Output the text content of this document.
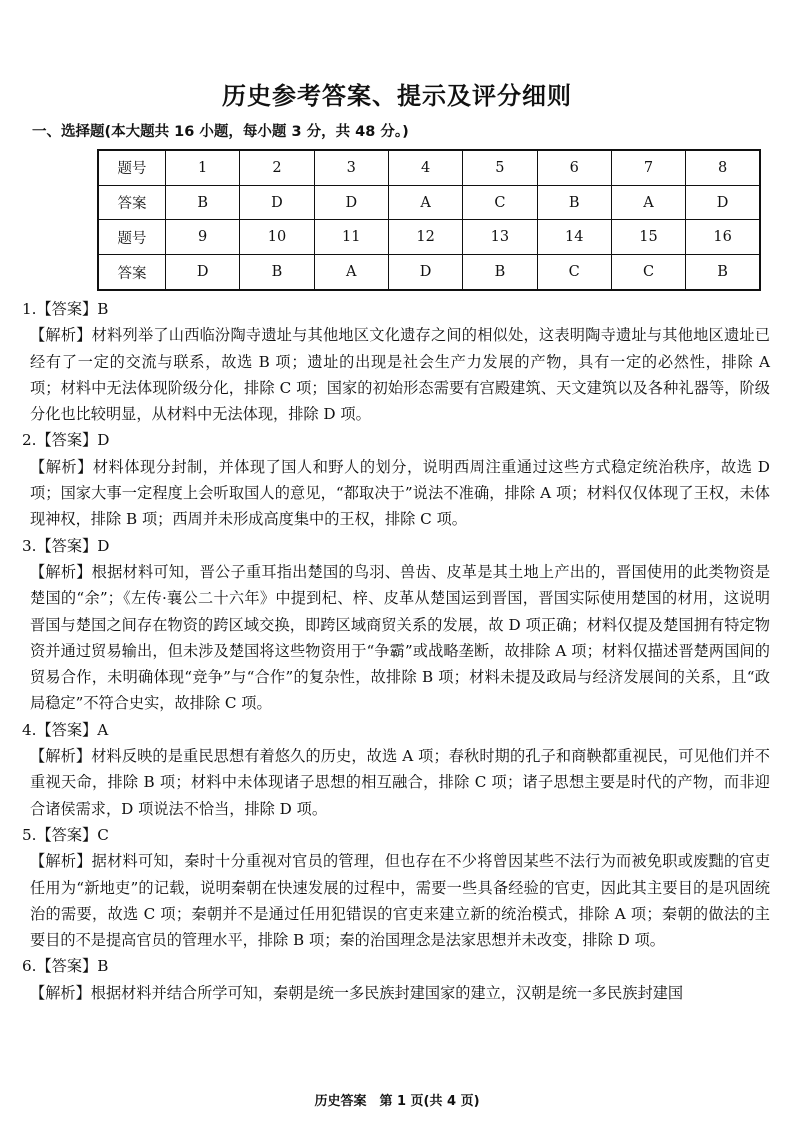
历史参考答案、提示及评分细则
一、选择题(本大题共 16 小题，每小题 3 分，共 48 分。)
题号	1	2	3	4	5	6	7	8
答案	B	D	D	A	C	B	A	D
题号	9	10	11	12	13	14	15	16
答案	D	B	A	D	B	C	C	B

1.【答案】B

【解析】材料列举了山西临汾陶寺遗址与其他地区文化遗存之间的相似处，这表明陶寺遗址与其他地区遗址已经有了一定的交流与联系，故选 B 项；遗址的出现是社会生产力发展的产物，具有一定的必然性，排除 A 项；材料中无法体现阶级分化，排除 C 项；国家的初始形态需要有宫殿建筑、天文建筑以及各种礼器等，阶级分化也比较明显，从材料中无法体现，排除 D 项。

2.【答案】D

【解析】材料体现分封制，并体现了国人和野人的划分，说明西周注重通过这些方式稳定统治秩序，故选 D 项；国家大事一定程度上会听取国人的意见，“都取决于”说法不准确，排除 A 项；材料仅仅体现了王权，未体现神权，排除 B 项；西周并未形成高度集中的王权，排除 C 项。

3.【答案】D

【解析】根据材料可知，晋公子重耳指出楚国的鸟羽、兽齿、皮革是其土地上产出的，晋国使用的此类物资是楚国的“余”；《左传·襄公二十六年》中提到杞、梓、皮革从楚国运到晋国，晋国实际使用楚国的材用，这说明晋国与楚国之间存在物资的跨区域交换，即跨区域商贸关系的发展，故 D 项正确；材料仅提及楚国拥有特定物资并通过贸易输出，但未涉及楚国将这些物资用于“争霸”或战略垄断，故排除 A 项；材料仅描述晋楚两国间的贸易合作，未明确体现“竞争”与“合作”的复杂性，故排除 B 项；材料未提及政局与经济发展间的关系，且“政局稳定”不符合史实，故排除 C 项。

4.【答案】A

【解析】材料反映的是重民思想有着悠久的历史，故选 A 项；春秋时期的孔子和商鞅都重视民，可见他们并不重视天命，排除 B 项；材料中未体现诸子思想的相互融合，排除 C 项；诸子思想主要是时代的产物，而非迎合诸侯需求，D 项说法不恰当，排除 D 项。

5.【答案】C

【解析】据材料可知，秦时十分重视对官员的管理，但也存在不少将曾因某些不法行为而被免职或废黜的官吏任用为“新地吏”的记载，说明秦朝在快速发展的过程中，需要一些具备经验的官吏，因此其主要目的是巩固统治的需要，故选 C 项；秦朝并不是通过任用犯错误的官吏来建立新的统治模式，排除 A 项；秦朝的做法的主要目的不是提高官员的管理水平，排除 B 项；秦的治国理念是法家思想并未改变，排除 D 项。

6.【答案】B

【解析】根据材料并结合所学可知，秦朝是统一多民族封建国家的建立，汉朝是统一多民族封建国

历史答案　第 1 页(共 4 页)
